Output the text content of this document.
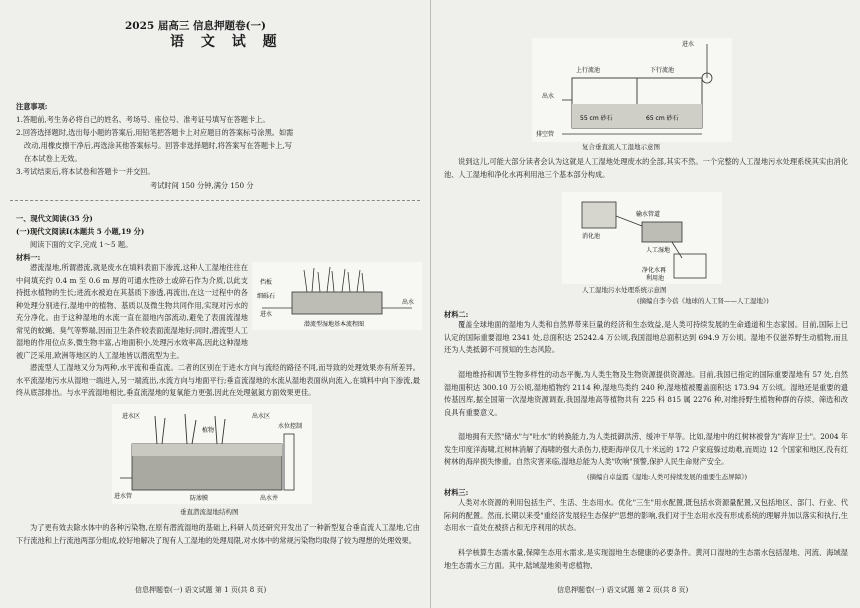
2025 届高三 信息押题卷(一)
语 文 试 题
注意事项:
1.答题前,考生务必将自己的姓名、考场号、座位号、准考证号填写在答题卡上。
2.回答选择题时,选出每小题的答案后,用铅笔把答题卡上对应题目的答案标号涂黑。如需
改动,用橡皮擦干净后,再选涂其他答案标号。回答非选择题时,将答案写在答题卡上,写
在本试卷上无效。
3.考试结束后,将本试卷和答题卡一并交回。
考试时间 150 分钟,满分 150 分
一、现代文阅读(35 分)
(一)现代文阅读Ⅰ(本题共 5 小题,19 分)
阅读下面的文字,完成 1～5 题。
材料一:
潜流湿地,所谓潜流,就是废水在填料表面下渗流,这种人工湿地往往在中间填充约 0.4 m 至 0.6 m 厚的可通水性砂土或碎石作为介质,以此支持挺水植物的生长;进流水被迫在其基质下渗透,再流出,在这一过程中的各种处理分别进行,湿地中的植物、基质以及微生物共同作用,实现对污水的充分净化。由于这种湿地的水流一直在湿地内部流动,避免了表面流湿地常见的蚊蝇、臭气等弊端,因而卫生条件较表面流湿地好;同时,潜流型人工湿地的作用位点多,微生物丰富,占地面积小,处理污水效率高,因此这种湿地被广泛采用,欧洲等地区的人工湿地皆以潜流型为主。
挡板
细砾石
进水
出水
潜流型湿地基本流程图
潜流型人工湿地又分为两种,水平流和垂直流。二者的区别在于进水方向与流经的路径不同,而导致的处理效果亦有所差异。水平流湿地污水从湿地一端进入,另一端流出,水流方向与地面平行;垂直流湿地的水流从湿地表面纵向流入,在填料中向下渗流,最终从底部排出。与水平流湿地相比,垂直流湿地的复氧能力更强,因此在处理氨氮方面效果更佳。
进水区
植物
出水区
水位控制
进水管	防渗膜	出水井
垂直潜流湿地结构图
为了更有效去除水体中的各种污染物,在原有潜流湿地的基础上,科研人员还研究开发出了一种新型复合垂直流人工湿地,它由下行流池和上行流池两部分组成,较好地解决了现有人工湿地的处理局限,对水体中的常规污染物均取得了较为理想的处理效果。
信息押题卷(一) 语文试题 第 1 页(共 8 页)
进水
上行流池	下行流池
出水
55 cm 砂石	65 cm 砂石
排空管
复合垂直流人工湿地示意图
说到这儿,可能大部分读者会认为这就是人工湿地处理废水的全部,其实不然。一个完整的人工湿地污水处理系统其实由消化池、人工湿地和净化水再利用池三个基本部分构成。
输水管道
消化池
人工湿地
净化水再
利用池
人工湿地污水处理系统示意图
(摘编自李今蓓《地球的人工肾——人工湿地》)
材料二:
覆盖全球地面的湿地为人类和自然界带来巨量的经济和生态效益,是人类可持续发展的生命通道和生态家园。目前,国际上已认定的国际重要湿地 2341 处,总面积达 25242.4 万公顷,我国湿地总面积达到 694.9 万公顷。湿地不仅滋养野生动植物,而且还为人类抵御不可预知的生态风险。
湿地维持和调节生物多样性的动态平衡,为人类生物及生物资源提供资源池。目前,我国已指定的国际重要湿地有 57 处,自然湿地面积达 300.10 万公顷,湿地植物约 2114 种,湿地鸟类约 240 种,湿地植被覆盖面积达 173.94 万公顷。湿地还是重要的遗传基因库,据全国第一次湿地资源调查,我国湿地高等植物共有 225 科 815 属 2276 种,对维持野生植物种群的存续、筛选和改良具有重要意义。
湿地拥有天然"储水"与"吐水"的转换能力,为人类抵御洪涝、缓冲干旱等。比如,湿地中的红树林被誉为"海岸卫士"。2004 年发生印度洋海啸,红树林消解了海啸的强大杀伤力,使距海岸仅几十米远的 172 户家庭躲过劫难,而周边 12 个国家和地区,没有红树林的海岸损失惨重。自然灾害来临,湿地总能为人类"吹响"预警,保护人民生命财产安全。
(摘编自卓益霞《湿地:人类可持续发展的重要生态屏障》)
材料三:
人类对水资源的利用包括生产、生活、生态用水。优化"三生"用水配置,既包括水资源量配置,又包括地区、部门、行业、代际间的配置。然而,长期以来受"重经济发展轻生态保护"思想的影响,我们对于生态用水没有形成系统的理解并加以落实和执行,生态用水一直处在被挤占和无序利用的状态。
科学核算生态需水量,保障生态用水需求,是实现湿地生态健康的必要条件。黄河口湿地的生态需水包括湿地、河流、海域湿地生态需水三方面。其中,陆域湿地须考虑植物、
信息押题卷(一) 语文试题 第 2 页(共 8 页)
